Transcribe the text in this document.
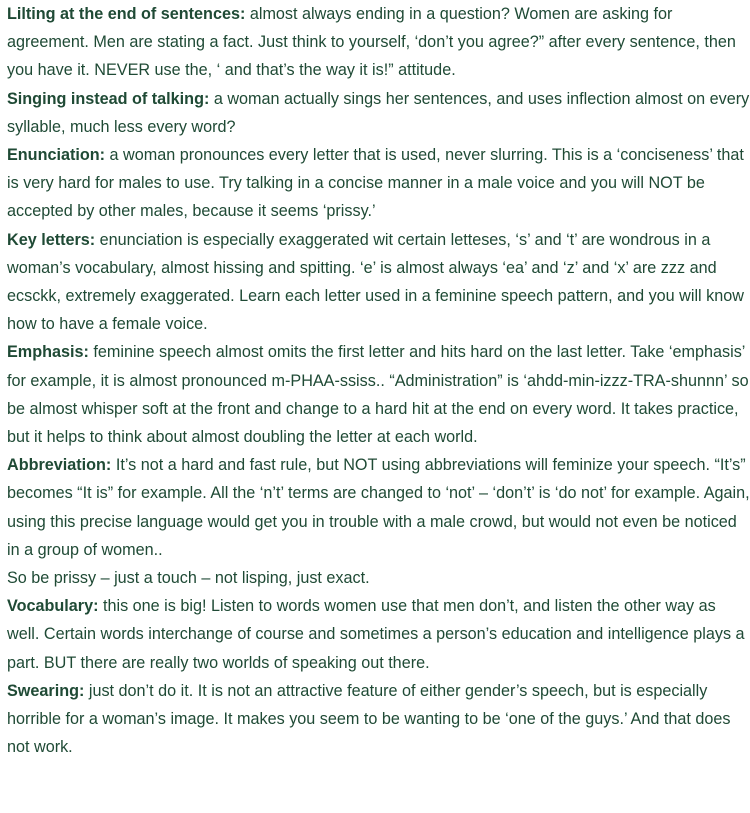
Lilting at the end of sentences: almost always ending in a question? Women are asking for agreement. Men are stating a fact. Just think to yourself, ‘don’t you agree?” after every sentence, then you have it. NEVER use the, ‘ and that’s the way it is!” attitude.

Singing instead of talking: a woman actually sings her sentences, and uses inflection almost on every syllable, much less every word?

Enunciation: a woman pronounces every letter that is used, never slurring. This is a ‘conciseness’ that is very hard for males to use. Try talking in a concise manner in a male voice and you will NOT be accepted by other males, because it seems ‘prissy.’

Key letters: enunciation is especially exaggerated wit certain letteses, ‘s’ and ‘t’ are wondrous in a woman’s vocabulary, almost hissing and spitting. ‘e’ is almost always ‘ea’ and ‘z’ and ‘x’ are zzz and ecsckk, extremely exaggerated. Learn each letter used in a feminine speech pattern, and you will know how to have a female voice.

Emphasis: feminine speech almost omits the first letter and hits hard on the last letter. Take ‘emphasis’ for example, it is almost pronounced m-PHAA-ssiss.. “Administration” is ‘ahdd-min-izzz-TRA-shunnn’ so be almost whisper soft at the front and change to a hard hit at the end on every word. It takes practice, but it helps to think about almost doubling the letter at each world.

Abbreviation: It’s not a hard and fast rule, but NOT using abbreviations will feminize your speech. “It’s” becomes “It is” for example. All the ‘n’t’ terms are changed to ‘not’ – ‘don’t’ is ‘do not’ for example. Again, using this precise language would get you in trouble with a male crowd, but would not even be noticed in a group of women..

So be prissy – just a touch – not lisping, just exact.

Vocabulary: this one is big! Listen to words women use that men don’t, and listen the other way as well. Certain words interchange of course and sometimes a person’s education and intelligence plays a part. BUT there are really two worlds of speaking out there.

Swearing: just don’t do it. It is not an attractive feature of either gender’s speech, but is especially horrible for a woman’s image. It makes you seem to be wanting to be ‘one of the guys.’ And that does not work.
